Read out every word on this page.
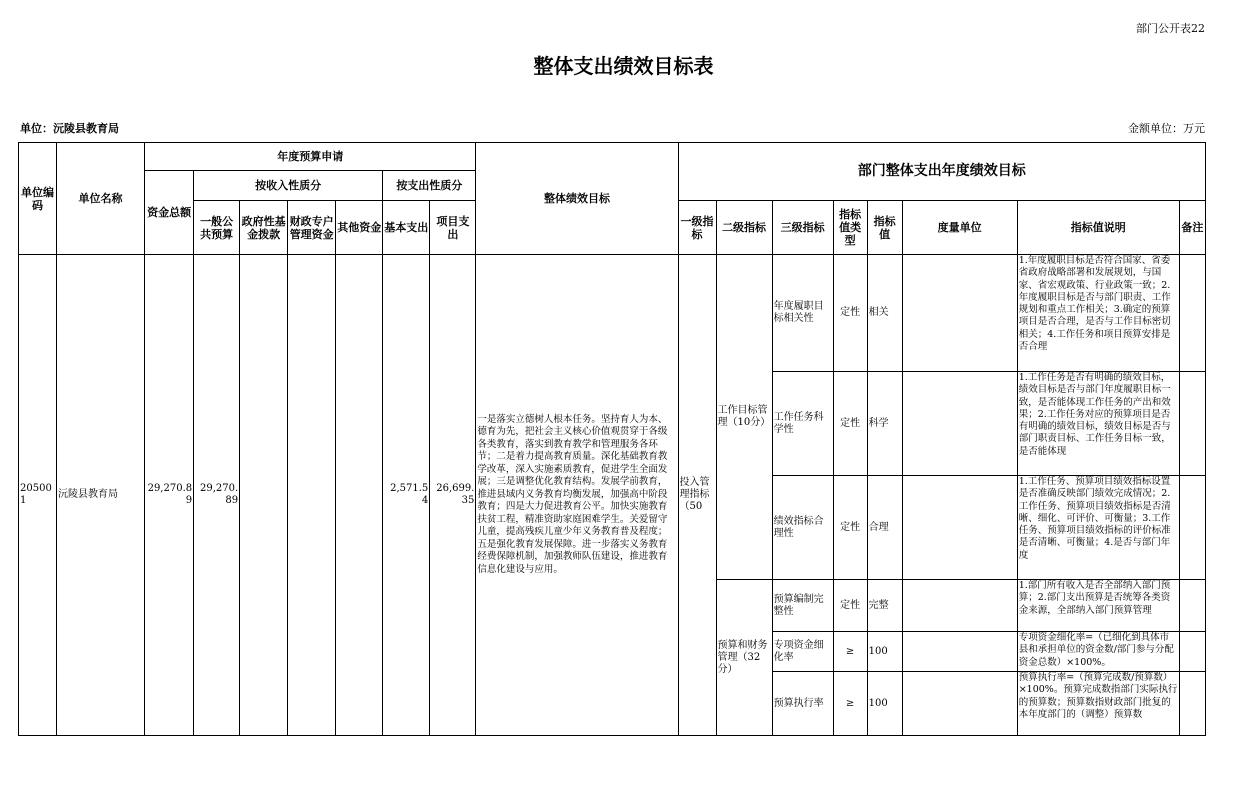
部门公开表22
整体支出绩效目标表
单位：沅陵县教育局	金额单位：万元
单位编码	单位名称	年度预算申请							整体绩效目标	部门整体支出年度绩效目标							
		资金总额	按收入性质分				按支出性质分										
			一般公共预算	政府性基金拨款	财政专户管理资金	其他资金	基本支出	项目支出		一级指标	二级指标	三级指标	指标值类型	指标值	度量单位	指标值说明	备注
205001	沅陵县教育局	29,270.89	29,270.89				2,571.54	26,699.35	一是落实立德树人根本任务。坚持育人为本、德育为先，把社会主义核心价值观贯穿于各级各类教育，落实到教育教学和管理服务各环节；二是着力提高教育质量。深化基础教育教学改革，深入实施素质教育，促进学生全面发展；三是调整优化教育结构。发展学前教育，推进县域内义务教育均衡发展，加强高中阶段教育；四是大力促进教育公平。加快实施教育扶贫工程，精准资助家庭困难学生。关爱留守儿童，提高残疾儿童少年义务教育普及程度；五是强化教育发展保障。进一步落实义务教育经费保障机制，加强教师队伍建设，推进教育信息化建设与应用。	投入管理指标（50	工作目标管理（10分）	年度履职目标相关性	定性	相关		1.年度履职目标是否符合国家、省委省政府战略部署和发展规划，与国家、省宏观政策、行业政策一致；2.年度履职目标是否与部门职责、工作规划和重点工作相关；3.确定的预算项目是否合理，是否与工作目标密切相关；4.工作任务和项目预算安排是否合理	

												工作任务科学性	定性	科学		1.工作任务是否有明确的绩效目标，绩效目标是否与部门年度履职目标一致，是否能体现工作任务的产出和效果；2.工作任务对应的预算项目是否有明确的绩效目标，绩效目标是否与部门职责目标、工作任务目标一致，是否能体现	

												绩效指标合理性	定性	合理		1.工作任务、预算项目绩效指标设置是否准确反映部门绩效完成情况；2.工作任务、预算项目绩效指标是否清晰、细化、可评价、可衡量；3.工作任务、预算项目绩效指标的评价标准是否清晰、可衡量；4.是否与部门年度	

											预算和财务管理（32分）	预算编制完整性	定性	完整		1.部门所有收入是否全部纳入部门预算；2.部门支出预算是否统筹各类资金来源，全部纳入部门预算管理	

												专项资金细化率	≥	100		专项资金细化率=（已细化到具体市县和承担单位的资金数/部门参与分配资金总数）×100%。	

												预算执行率	≥	100		预算执行率=（预算完成数/预算数）×100%。预算完成数指部门实际执行的预算数；预算数指财政部门批复的本年度部门的（调整）预算数	
